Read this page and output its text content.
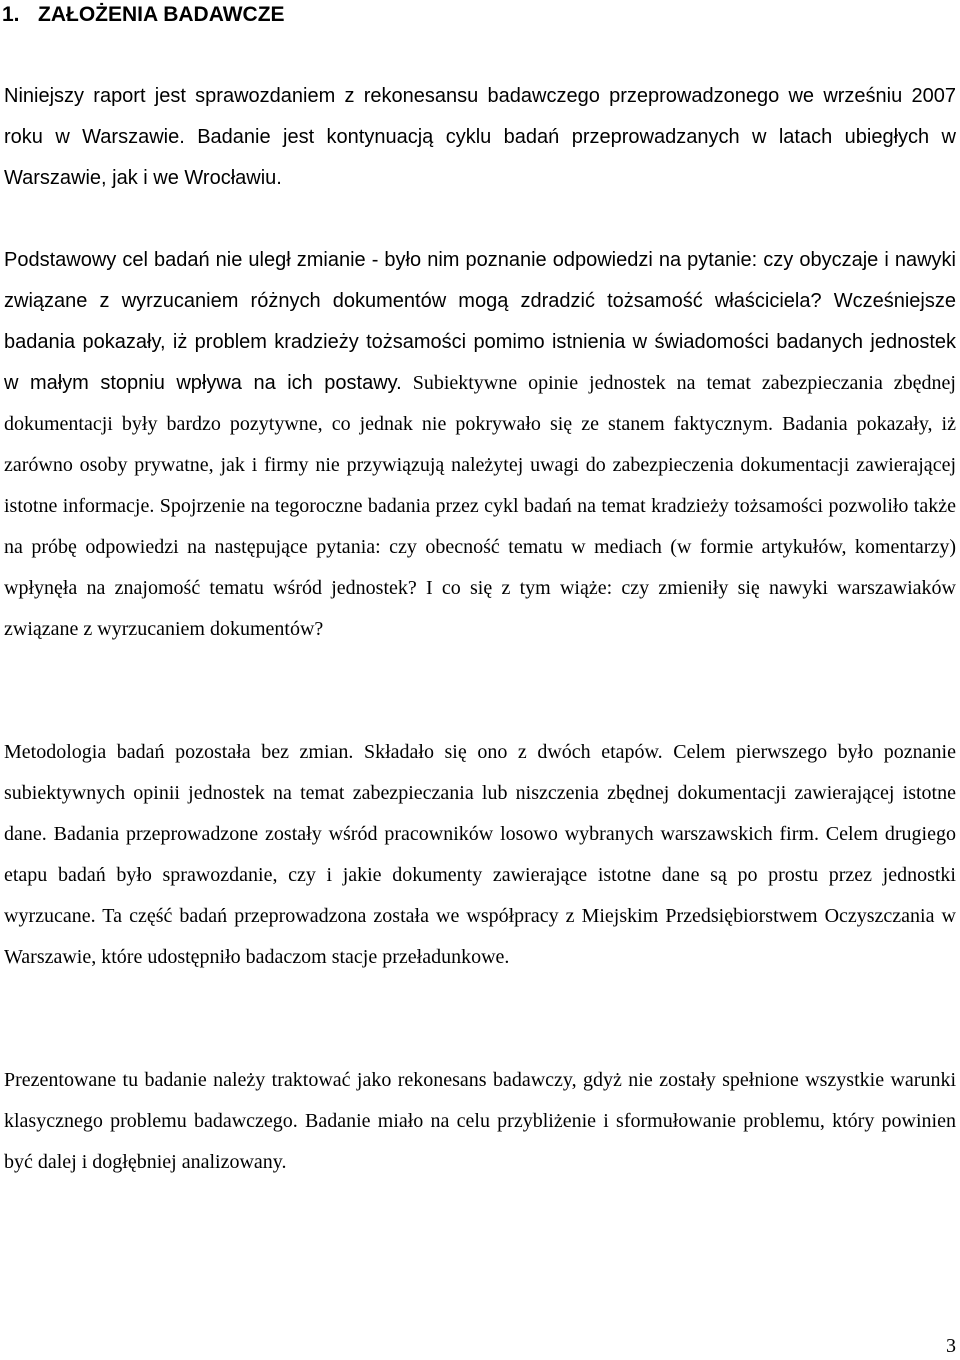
1. ZAŁOŻENIA BADAWCZE

Niniejszy raport jest sprawozdaniem z rekonesansu badawczego przeprowadzonego we wrześniu 2007 roku w Warszawie. Badanie jest kontynuacją cyklu badań przeprowadzanych w latach ubiegłych w Warszawie, jak i we Wrocławiu.

Podstawowy cel badań nie uległ zmianie - było nim poznanie odpowiedzi na pytanie: czy obyczaje i nawyki związane z wyrzucaniem różnych dokumentów mogą zdradzić tożsamość właściciela? Wcześniejsze badania pokazały, iż problem kradzieży tożsamości pomimo istnienia w świadomości badanych jednostek w małym stopniu wpływa na ich postawy. Subiektywne opinie jednostek na temat zabezpieczania zbędnej dokumentacji były bardzo pozytywne, co jednak nie pokrywało się ze stanem faktycznym. Badania pokazały, iż zarówno osoby prywatne, jak i firmy nie przywiązują należytej uwagi do zabezpieczenia dokumentacji zawierającej istotne informacje. Spojrzenie na tegoroczne badania przez cykl badań na temat kradzieży tożsamości pozwoliło także na próbę odpowiedzi na następujące pytania: czy obecność tematu w mediach (w formie artykułów, komentarzy) wpłynęła na znajomość tematu wśród jednostek? I co się z tym wiąże: czy zmieniły się nawyki warszawiaków związane z wyrzucaniem dokumentów?

Metodologia badań pozostała bez zmian. Składało się ono z dwóch etapów. Celem pierwszego było poznanie subiektywnych opinii jednostek na temat zabezpieczania lub niszczenia zbędnej dokumentacji zawierającej istotne dane. Badania przeprowadzone zostały wśród pracowników losowo wybranych warszawskich firm. Celem drugiego etapu badań było sprawozdanie, czy i jakie dokumenty zawierające istotne dane są po prostu przez jednostki wyrzucane. Ta część badań przeprowadzona została we współpracy z Miejskim Przedsiębiorstwem Oczyszczania w Warszawie, które udostępniło badaczom stacje przeładunkowe.

Prezentowane tu badanie należy traktować jako rekonesans badawczy, gdyż nie zostały spełnione wszystkie warunki klasycznego problemu badawczego. Badanie miało na celu przybliżenie i sformułowanie problemu, który powinien być dalej i dogłębniej analizowany.

3
